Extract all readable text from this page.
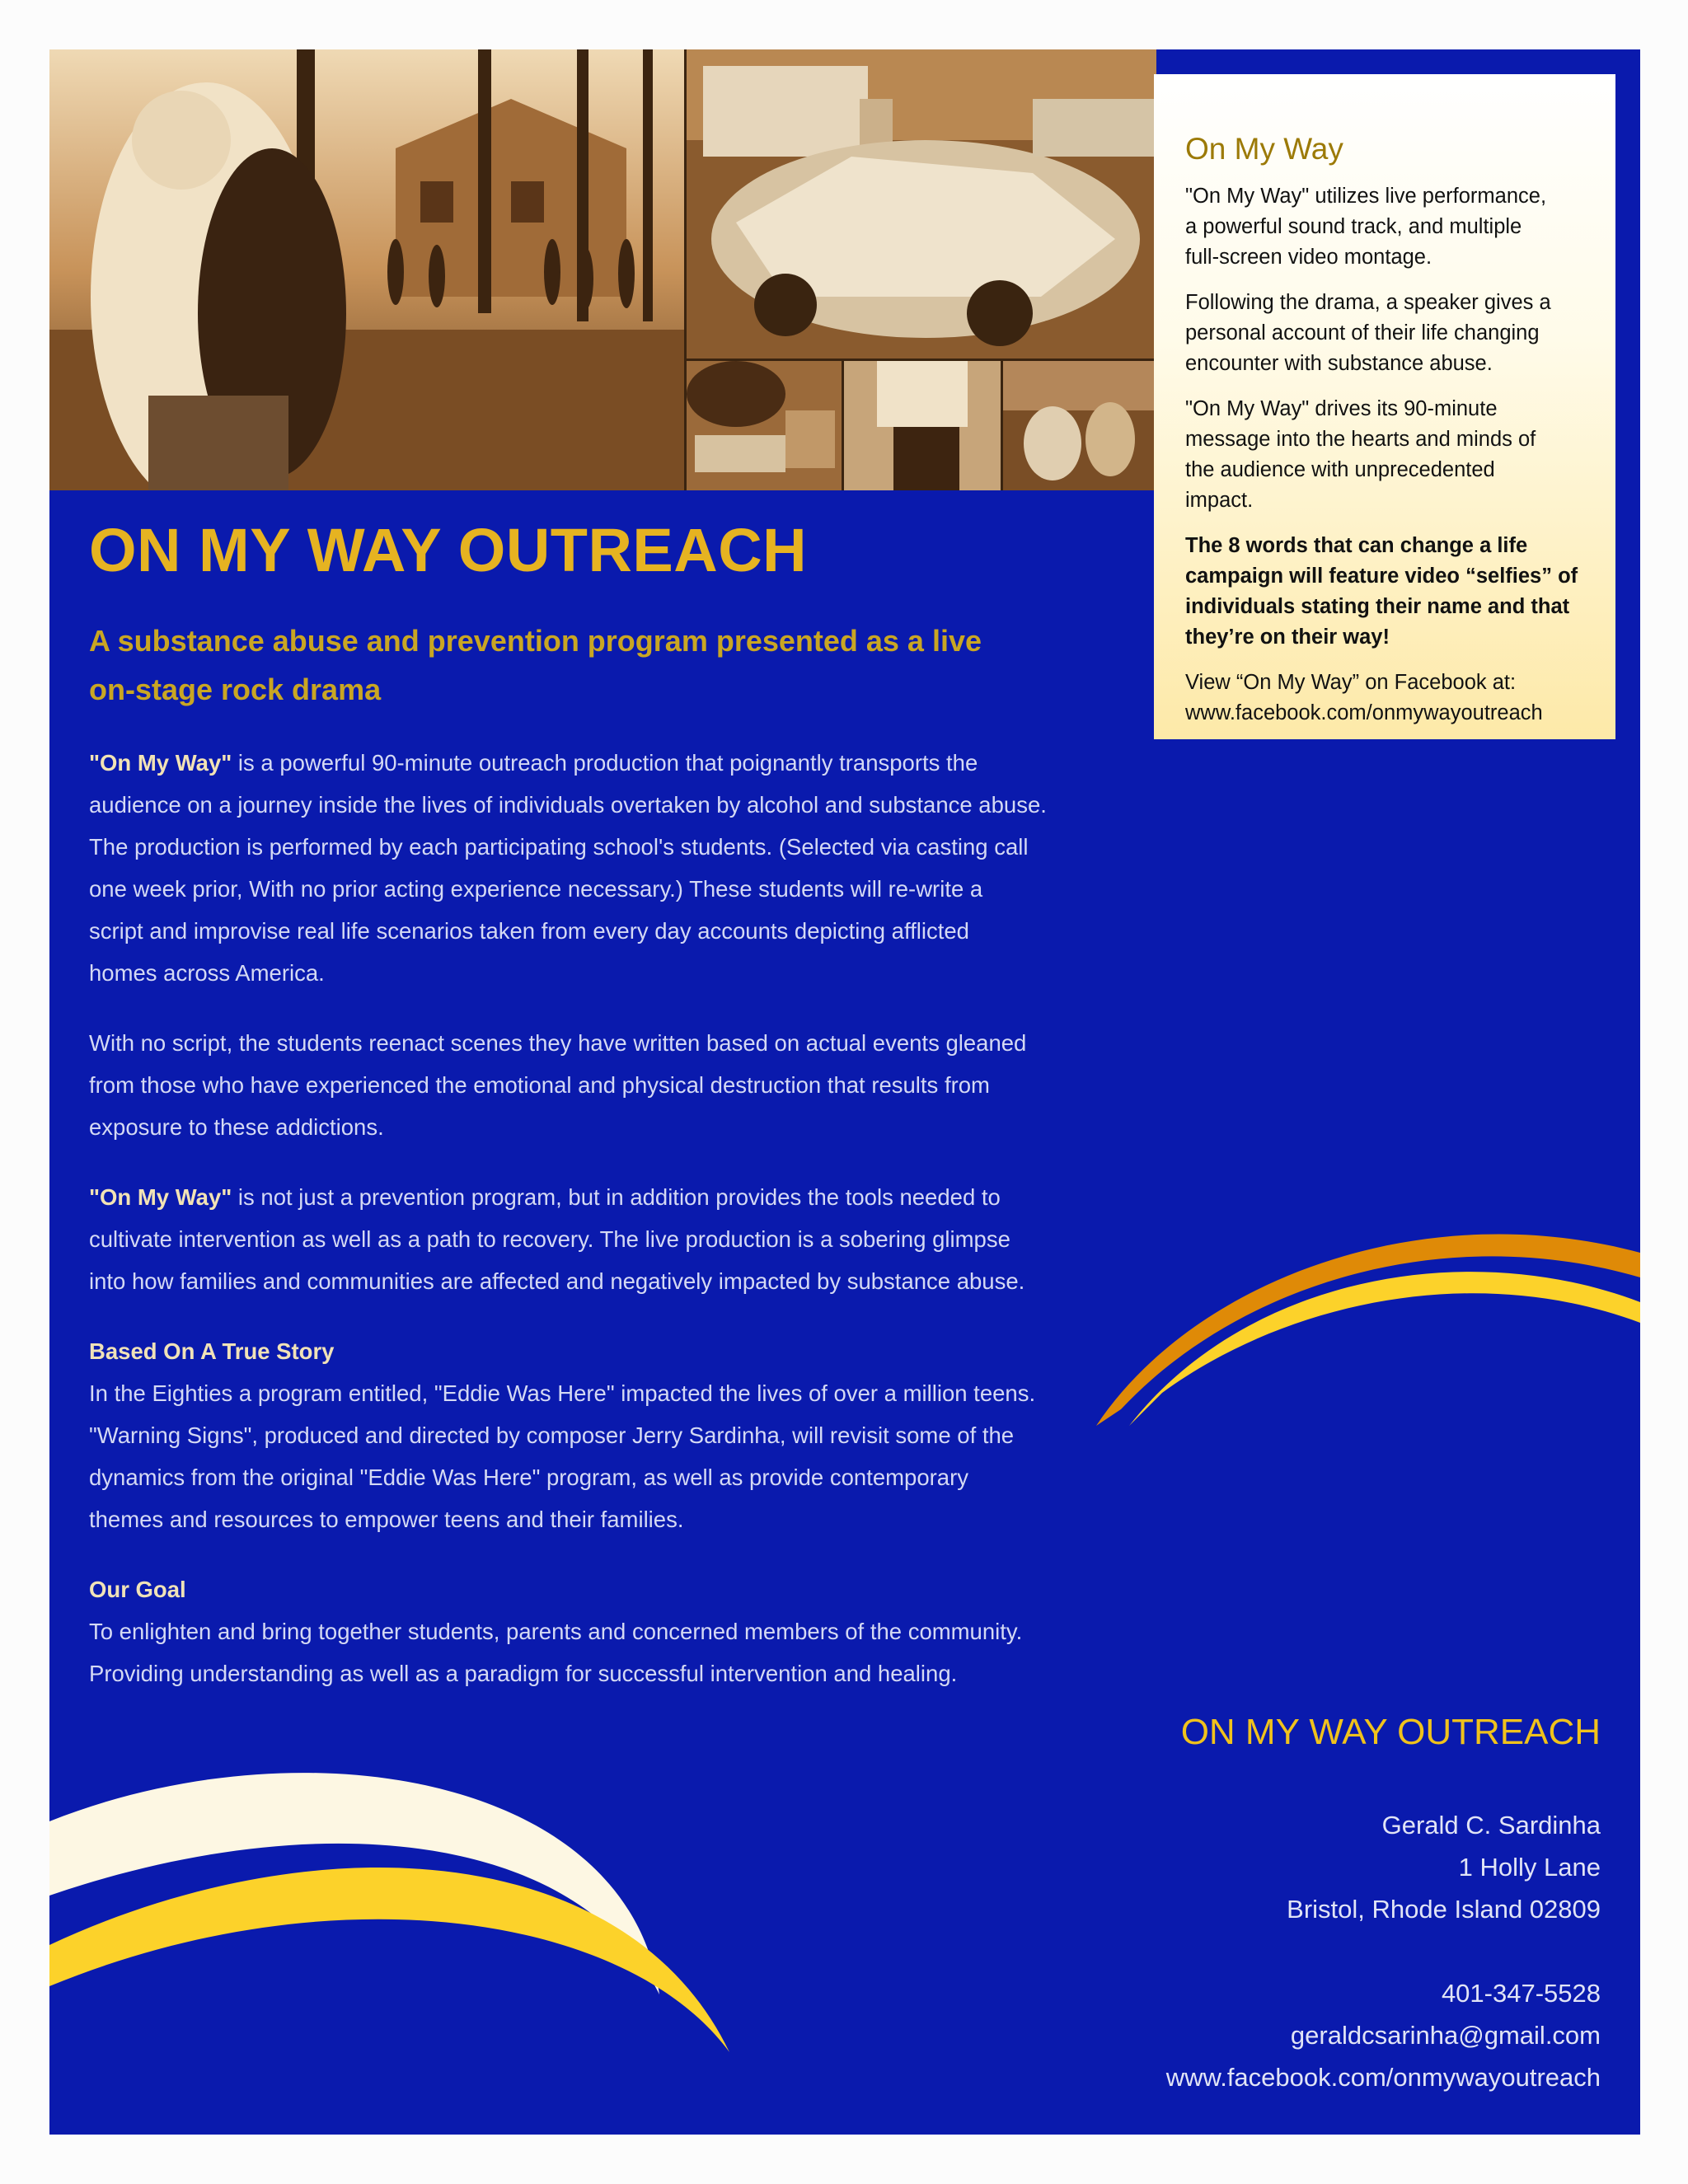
On My Way

"On My Way" utilizes live performance,
a powerful sound track, and multiple
full-screen video montage.

Following the drama, a speaker gives a
personal account of their life changing
encounter with substance abuse.

"On My Way" drives its 90-minute
message into the hearts and minds of
the audience with unprecedented
impact.

The 8 words that can change a life
campaign will feature video “selfies” of
individuals stating their name and that
they’re on their way!

View “On My Way” on Facebook at:
www.facebook.com/onmywayoutreach

ON MY WAY OUTREACH
A substance abuse and prevention program presented as a live
on-stage rock drama

"On My Way" is a powerful 90-minute outreach production that poignantly transports the
audience on a journey inside the lives of individuals overtaken by alcohol and substance abuse.
The production is performed by each participating school's students. (Selected via casting call
one week prior, With no prior acting experience necessary.) These students will re-write a
script and improvise real life scenarios taken from every day accounts depicting afflicted
homes across America.

With no script, the students reenact scenes they have written based on actual events gleaned
from those who have experienced the emotional and physical destruction that results from
exposure to these addictions.

"On My Way" is not just a prevention program, but in addition provides the tools needed to
cultivate intervention as well as a path to recovery. The live production is a sobering glimpse
into how families and communities are affected and negatively impacted by substance abuse.

Based On A True Story
In the Eighties a program entitled, "Eddie Was Here" impacted the lives of over a million teens.
"Warning Signs", produced and directed by composer Jerry Sardinha, will revisit some of the
dynamics from the original "Eddie Was Here" program, as well as provide contemporary
themes and resources to empower teens and their families.

Our Goal
To enlighten and bring together students, parents and concerned members of the community.
Providing understanding as well as a paradigm for successful intervention and healing.

ON MY WAY OUTREACH
Gerald C. Sardinha
1 Holly Lane
Bristol, Rhode Island 02809
401-347-5528
geraldcsarinha@gmail.com
www.facebook.com/onmywayoutreach
